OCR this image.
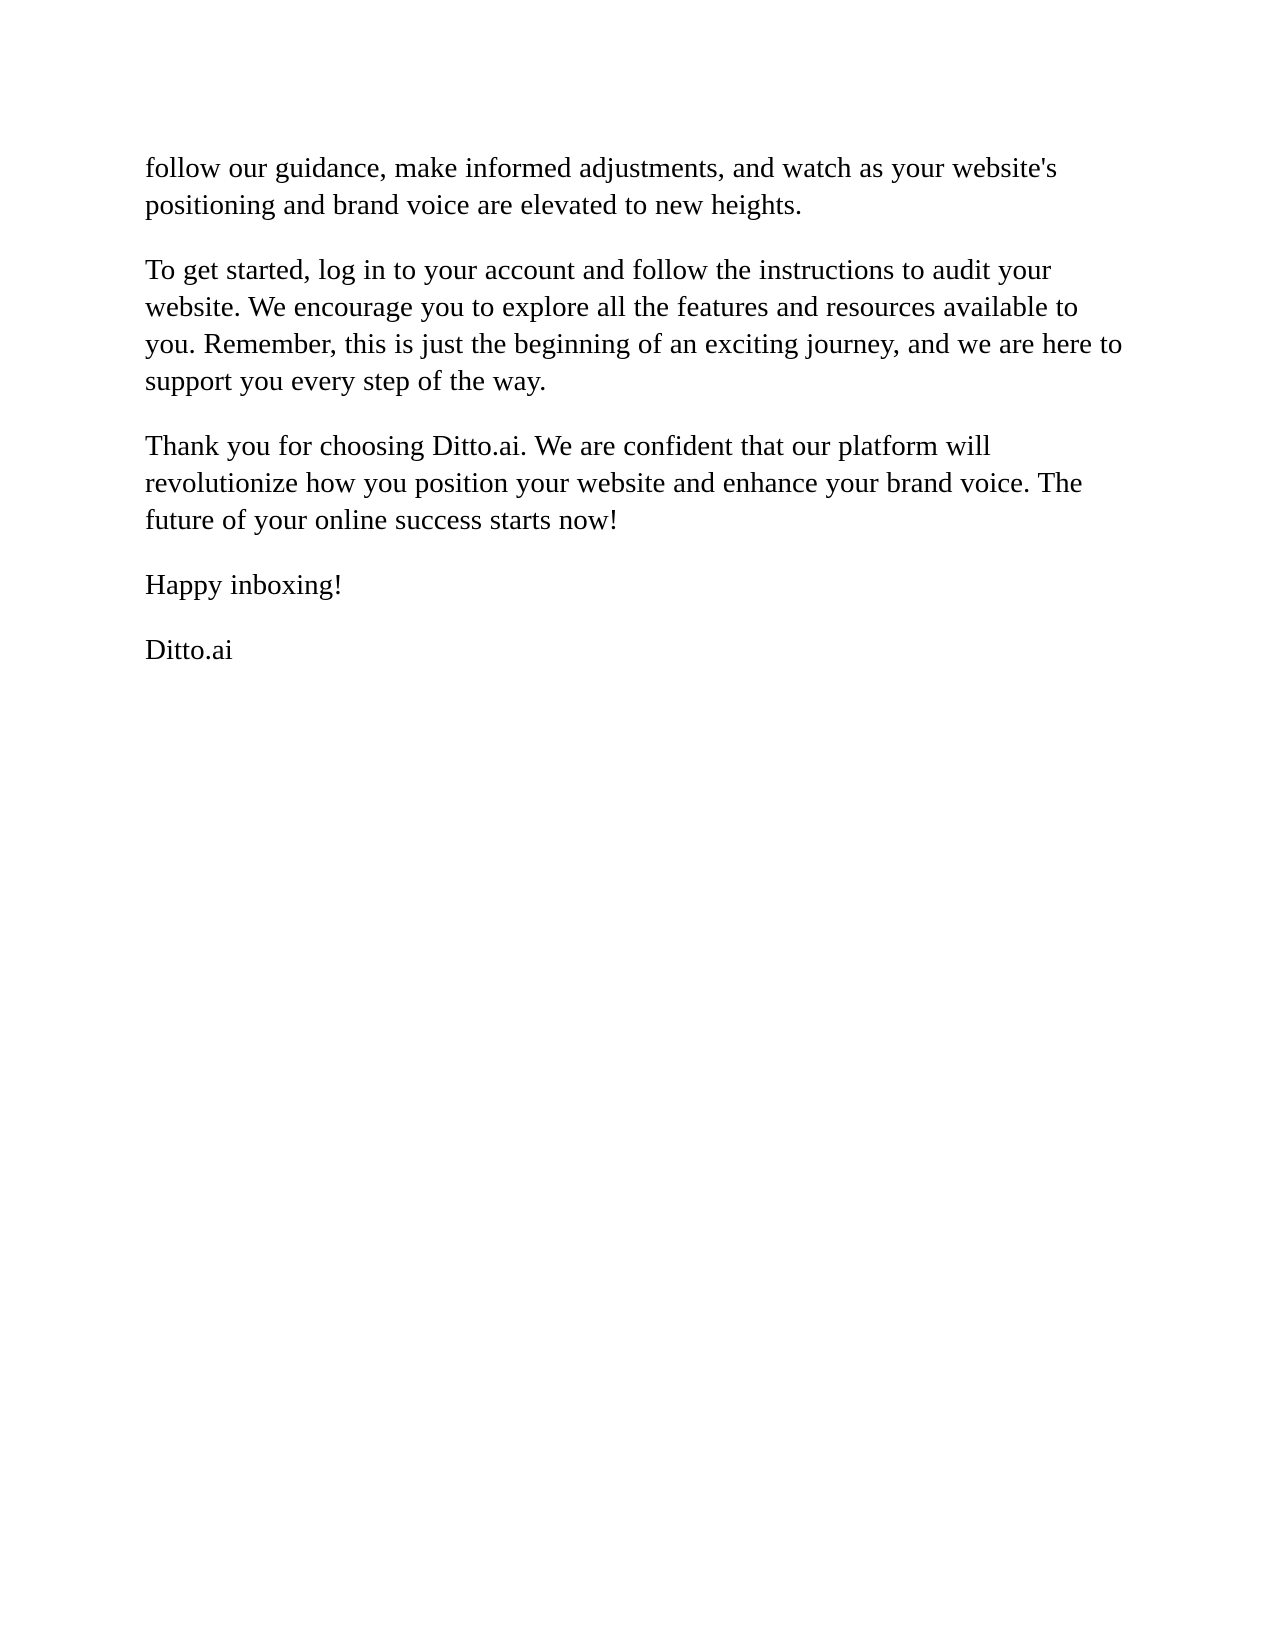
follow our guidance, make informed adjustments, and watch as your website's positioning and brand voice are elevated to new heights.

To get started, log in to your account and follow the instructions to audit your website. We encourage you to explore all the features and resources available to you. Remember, this is just the beginning of an exciting journey, and we are here to support you every step of the way.

Thank you for choosing Ditto.ai. We are confident that our platform will revolutionize how you position your website and enhance your brand voice. The future of your online success starts now!

Happy inboxing!

Ditto.ai
